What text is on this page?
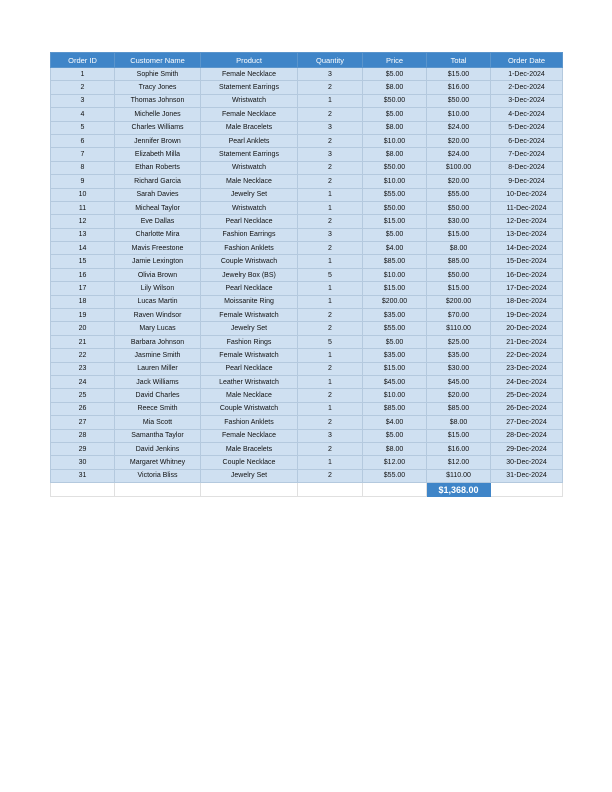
Order ID	Customer Name	Product	Quantity	Price	Total	Order Date
1	Sophie Smith	Female Necklace	3	$5.00	$15.00	1-Dec-2024
2	Tracy Jones	Statement Earrings	2	$8.00	$16.00	2-Dec-2024
3	Thomas Johnson	Wristwatch	1	$50.00	$50.00	3-Dec-2024
4	Michelle Jones	Female Necklace	2	$5.00	$10.00	4-Dec-2024
5	Charles Williams	Male Bracelets	3	$8.00	$24.00	5-Dec-2024
6	Jennifer Brown	Pearl Anklets	2	$10.00	$20.00	6-Dec-2024
7	Elizabeth Milla	Statement Earrings	3	$8.00	$24.00	7-Dec-2024
8	Ethan Roberts	Wristwatch	2	$50.00	$100.00	8-Dec-2024
9	Richard Garcia	Male Necklace	2	$10.00	$20.00	9-Dec-2024
10	Sarah Davies	Jewelry Set	1	$55.00	$55.00	10-Dec-2024
11	Micheal Taylor	Wristwatch	1	$50.00	$50.00	11-Dec-2024
12	Eve Dallas	Pearl Necklace	2	$15.00	$30.00	12-Dec-2024
13	Charlotte Mira	Fashion Earrings	3	$5.00	$15.00	13-Dec-2024
14	Mavis Freestone	Fashion Anklets	2	$4.00	$8.00	14-Dec-2024
15	Jamie Lexington	Couple Wristwach	1	$85.00	$85.00	15-Dec-2024
16	Olivia Brown	Jewelry Box (BS)	5	$10.00	$50.00	16-Dec-2024
17	Lily Wilson	Pearl Necklace	1	$15.00	$15.00	17-Dec-2024
18	Lucas Martin	Moissanite Ring	1	$200.00	$200.00	18-Dec-2024
19	Raven Windsor	Female Wristwatch	2	$35.00	$70.00	19-Dec-2024
20	Mary Lucas	Jewelry Set	2	$55.00	$110.00	20-Dec-2024
21	Barbara Johnson	Fashion Rings	5	$5.00	$25.00	21-Dec-2024
22	Jasmine Smith	Female Wristwatch	1	$35.00	$35.00	22-Dec-2024
23	Lauren Miller	Pearl Necklace	2	$15.00	$30.00	23-Dec-2024
24	Jack Williams	Leather Wristwatch	1	$45.00	$45.00	24-Dec-2024
25	David Charles	Male Necklace	2	$10.00	$20.00	25-Dec-2024
26	Reece Smith	Couple Wristwatch	1	$85.00	$85.00	26-Dec-2024
27	Mia Scott	Fashion Anklets	2	$4.00	$8.00	27-Dec-2024
28	Samantha Taylor	Female Necklace	3	$5.00	$15.00	28-Dec-2024
29	David Jenkins	Male Bracelets	2	$8.00	$16.00	29-Dec-2024
30	Margaret Whitney	Couple Necklace	1	$12.00	$12.00	30-Dec-2024
31	Victoria Bliss	Jewelry Set	2	$55.00	$110.00	31-Dec-2024
					$1,368.00	
